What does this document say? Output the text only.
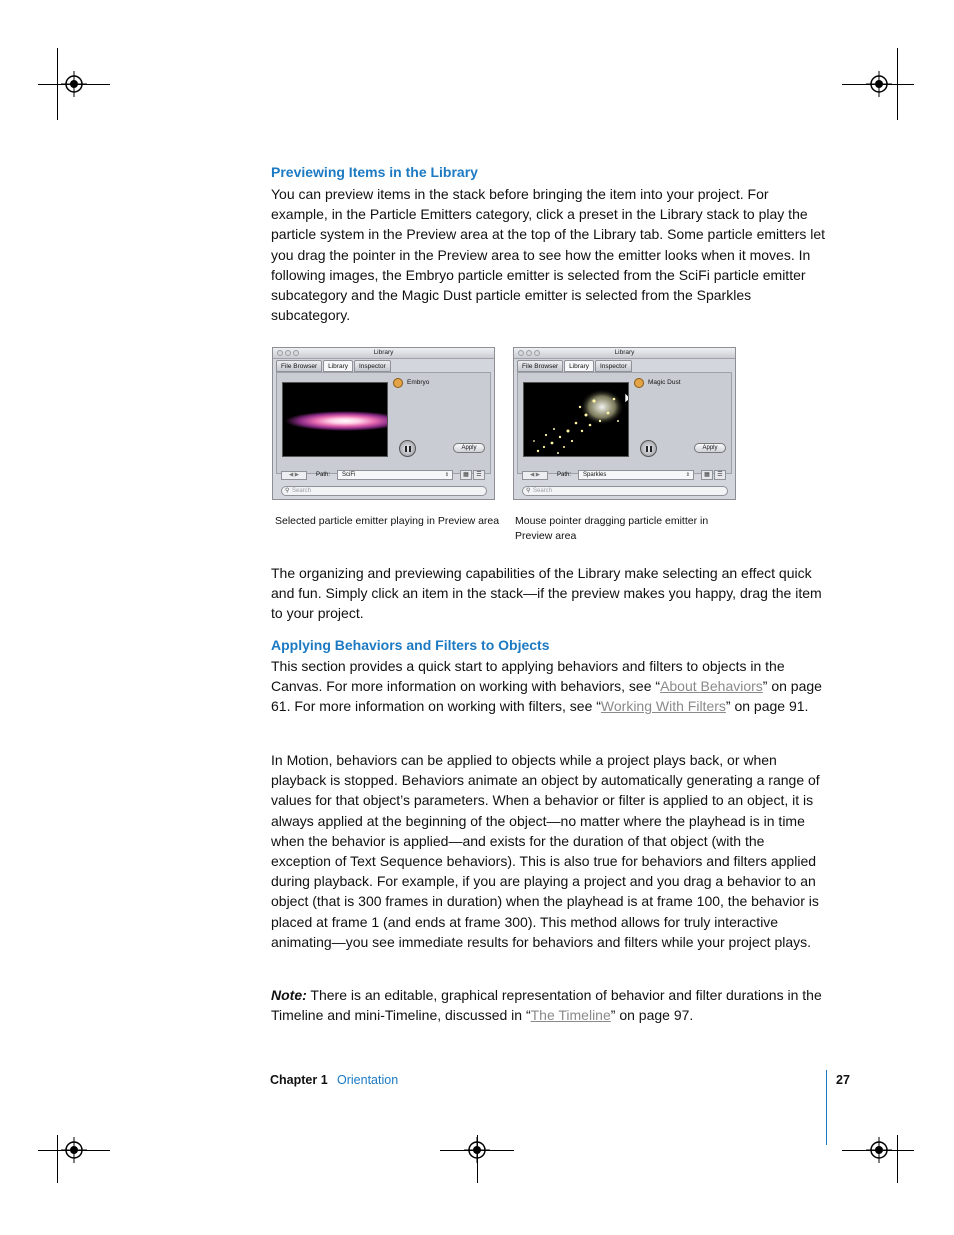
Previewing Items in the Library

You can preview items in the stack before bringing the item into your project. For example, in the Particle Emitters category, click a preset in the Library stack to play the particle system in the Preview area at the top of the Library tab. Some particle emitters let you drag the pointer in the Preview area to see how the emitter looks when it moves. In following images, the Embryo particle emitter is selected from the SciFi particle emitter subcategory and the Magic Dust particle emitter is selected from the Sparkles subcategory.

Library
File Browser	Library	Inspector
Embryo
Apply
◀ ▶	Path:	SciFi	⇕	▦	☰
⚲ Search

Selected particle emitter playing in Preview area

Library
File Browser	Library	Inspector
Magic Dust
Apply
◀ ▶	Path:	Sparkles	⇕	▦	☰
⚲ Search

Mouse pointer dragging particle emitter in Preview area

The organizing and previewing capabilities of the Library make selecting an effect quick and fun. Simply click an item in the stack—if the preview makes you happy, drag the item to your project.

Applying Behaviors and Filters to Objects

This section provides a quick start to applying behaviors and filters to objects in the Canvas. For more information on working with behaviors, see “About Behaviors” on page 61. For more information on working with filters, see “Working With Filters” on page 91.

In Motion, behaviors can be applied to objects while a project plays back, or when playback is stopped. Behaviors animate an object by automatically generating a range of values for that object’s parameters. When a behavior or filter is applied to an object, it is always applied at the beginning of the object—no matter where the playhead is in time when the behavior is applied—and exists for the duration of that object (with the exception of Text Sequence behaviors). This is also true for behaviors and filters applied during playback. For example, if you are playing a project and you drag a behavior to an object (that is 300 frames in duration) when the playhead is at frame 100, the behavior is placed at frame 1 (and ends at frame 300). This method allows for truly interactive animating—you see immediate results for behaviors and filters while your project plays.

Note: There is an editable, graphical representation of behavior and filter durations in the Timeline and mini-Timeline, discussed in “The Timeline” on page 97.

Chapter 1 Orientation	27
